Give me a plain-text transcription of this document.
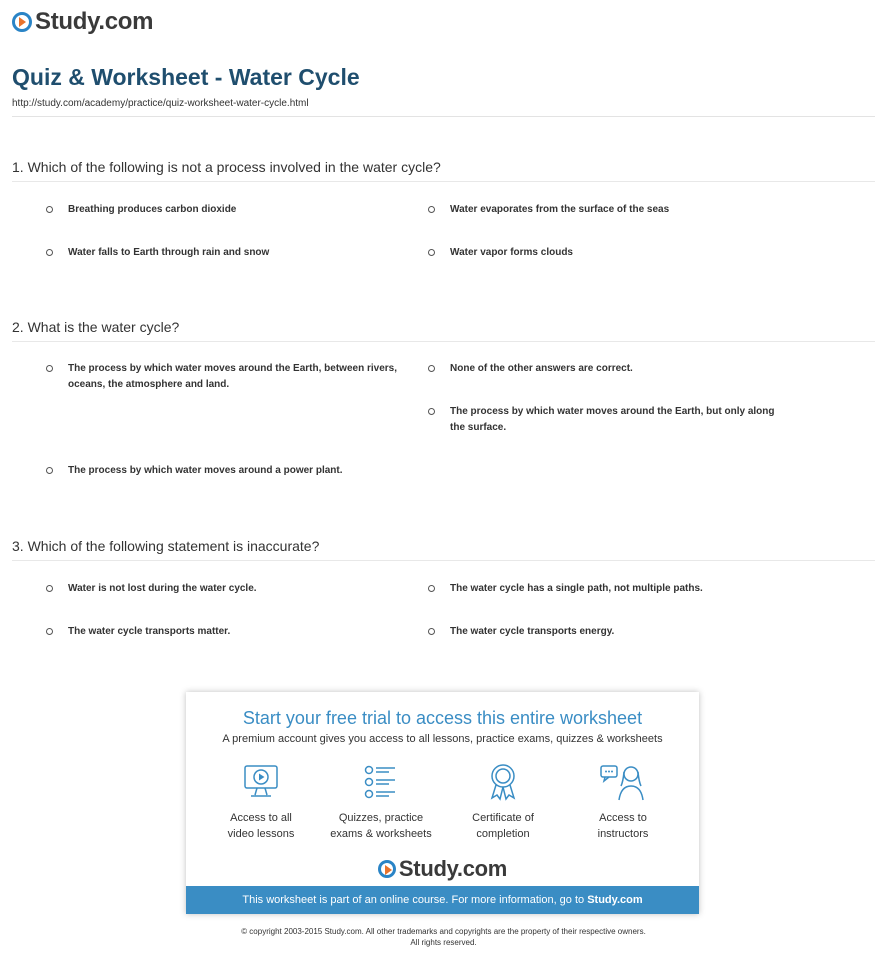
Study.com
Quiz & Worksheet - Water Cycle
http://study.com/academy/practice/quiz-worksheet-water-cycle.html
1. Which of the following is not a process involved in the water cycle?
Breathing produces carbon dioxide	Water evaporates from the surface of the seas
Water falls to Earth through rain and snow	Water vapor forms clouds
2. What is the water cycle?
The process by which water moves around the Earth, between rivers, oceans, the atmosphere and land.
None of the other answers are correct.
The process by which water moves around the Earth, but only along the surface.
The process by which water moves around a power plant.
3. Which of the following statement is inaccurate?
Water is not lost during the water cycle.	The water cycle has a single path, not multiple paths.
The water cycle transports matter.	The water cycle transports energy.
Start your free trial to access this entire worksheet
A premium account gives you access to all lessons, practice exams, quizzes & worksheets
Access to all
video lessons
Quizzes, practice
exams & worksheets
Certificate of
completion
Access to
instructors
Study.com
This worksheet is part of an online course. For more information, go to Study.com
© copyright 2003-2015 Study.com. All other trademarks and copyrights are the property of their respective owners.
All rights reserved.
